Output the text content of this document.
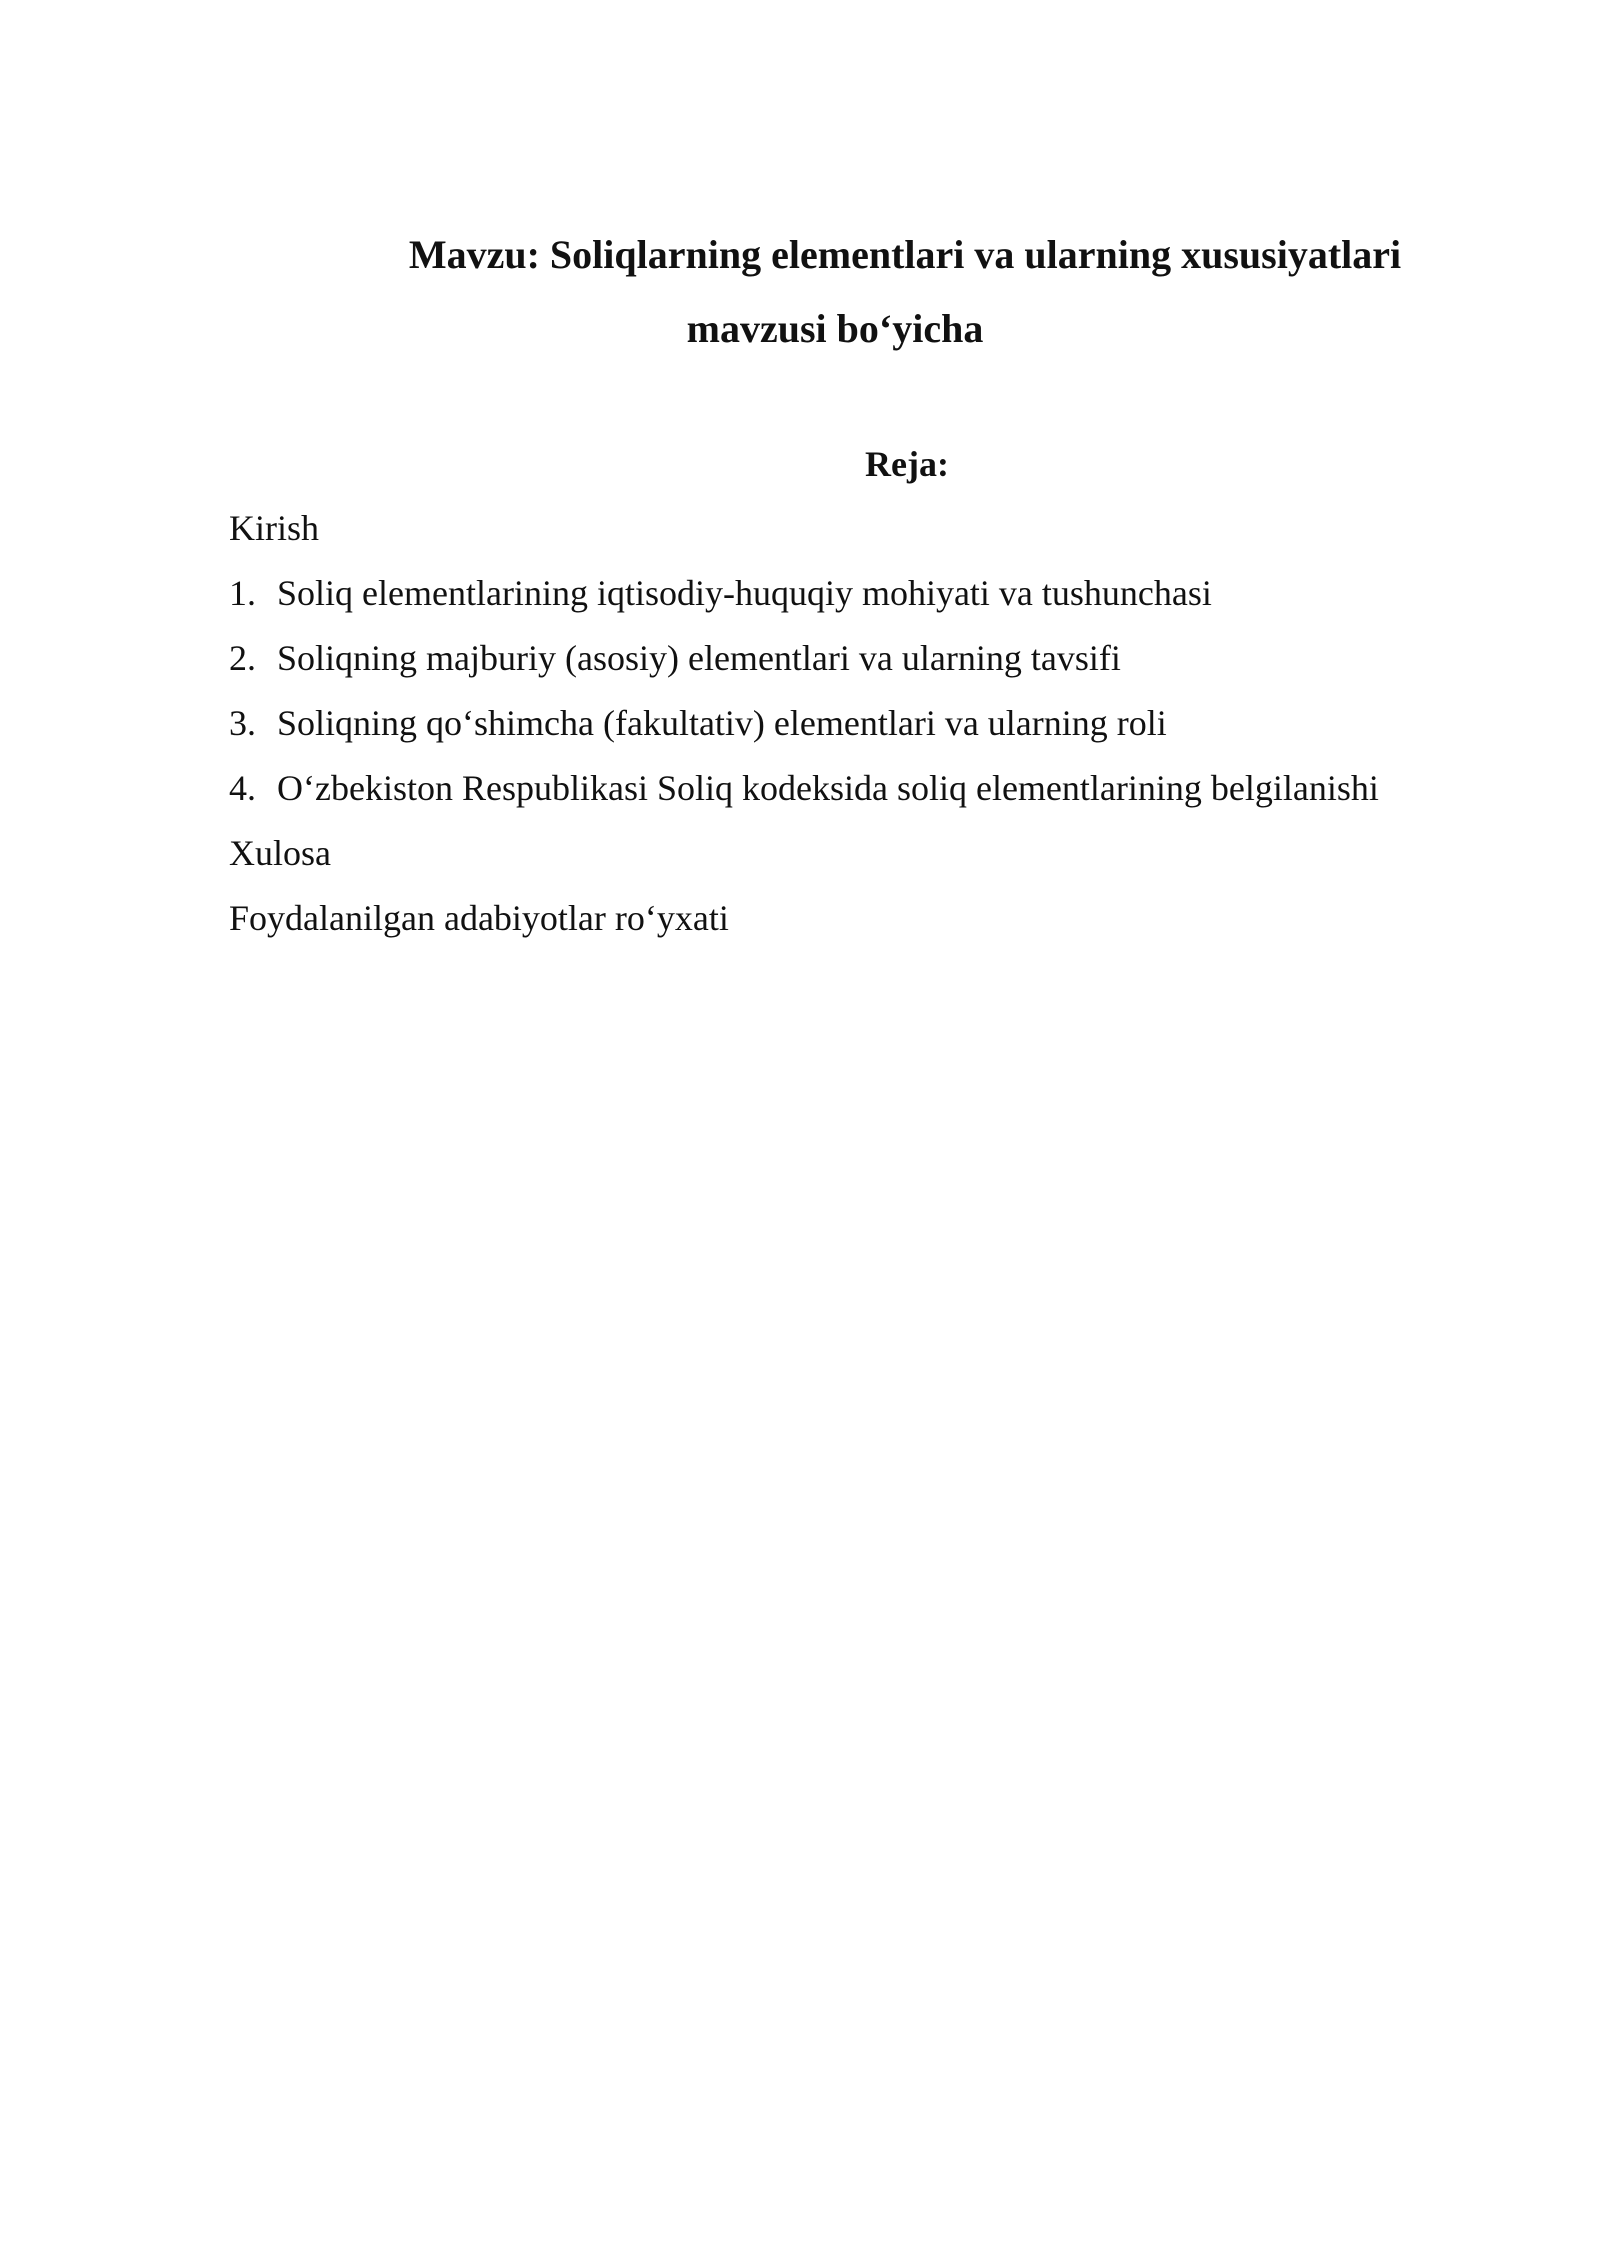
Mavzu: Soliqlarning elementlari va ularning xususiyatlari
mavzusi bo‘yicha
Reja:
Kirish
1. Soliq elementlarining iqtisodiy-huquqiy mohiyati va tushunchasi
2. Soliqning majburiy (asosiy) elementlari va ularning tavsifi
3. Soliqning qo‘shimcha (fakultativ) elementlari va ularning roli
4. O‘zbekiston Respublikasi Soliq kodeksida soliq elementlarining belgilanishi
Xulosa
Foydalanilgan adabiyotlar ro‘yxati
